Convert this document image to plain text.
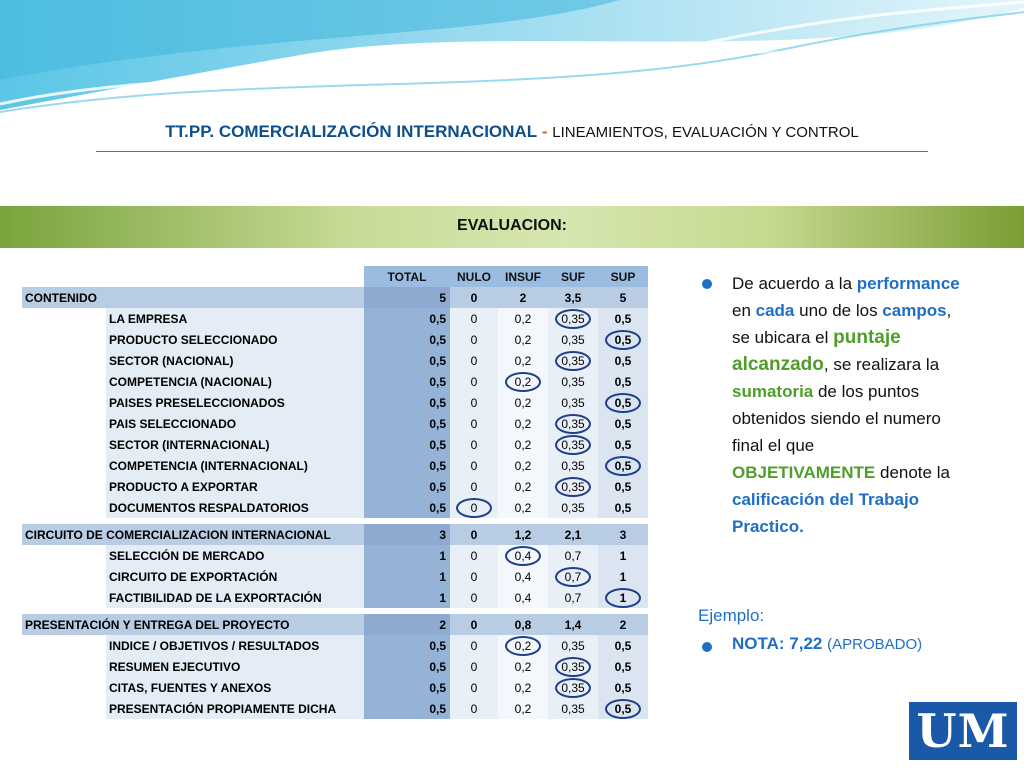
TT.PP. COMERCIALIZACIÓN INTERNACIONAL - LINEAMIENTOS, EVALUACIÓN Y CONTROL
EVALUACION:
		TOTAL	NULO	INSUF	SUF	SUP
CONTENIDO		5	0	2	3,5	5
	LA EMPRESA	0,5	0	0,2	0,35	0,5
	PRODUCTO SELECCIONADO	0,5	0	0,2	0,35	0,5
	SECTOR (NACIONAL)	0,5	0	0,2	0,35	0,5
	COMPETENCIA (NACIONAL)	0,5	0	0,2	0,35	0,5
	PAISES PRESELECCIONADOS	0,5	0	0,2	0,35	0,5
	PAIS SELECCIONADO	0,5	0	0,2	0,35	0,5
	SECTOR (INTERNACIONAL)	0,5	0	0,2	0,35	0,5
	COMPETENCIA (INTERNACIONAL)	0,5	0	0,2	0,35	0,5
	PRODUCTO A EXPORTAR	0,5	0	0,2	0,35	0,5
	DOCUMENTOS RESPALDATORIOS	0,5	0	0,2	0,35	0,5

CIRCUITO DE COMERCIALIZACION INTERNACIONAL		3	0	1,2	2,1	3
	SELECCIÓN DE MERCADO	1	0	0,4	0,7	1
	CIRCUITO DE EXPORTACIÓN	1	0	0,4	0,7	1
	FACTIBILIDAD DE LA EXPORTACIÓN	1	0	0,4	0,7	1

PRESENTACIÓN Y ENTREGA DEL PROYECTO		2	0	0,8	1,4	2
	INDICE / OBJETIVOS / RESULTADOS	0,5	0	0,2	0,35	0,5
	RESUMEN EJECUTIVO	0,5	0	0,2	0,35	0,5
	CITAS, FUENTES Y ANEXOS	0,5	0	0,2	0,35	0,5
	PRESENTACIÓN PROPIAMENTE DICHA	0,5	0	0,2	0,35	0,5
De acuerdo a la performance en cada uno de los campos, se ubicara el puntaje alcanzado, se realizara la sumatoria de los puntos obtenidos siendo el numero final el que OBJETIVAMENTE denote la calificación del Trabajo Practico.
Ejemplo:
NOTA: 7,22 (APROBADO)
UM
